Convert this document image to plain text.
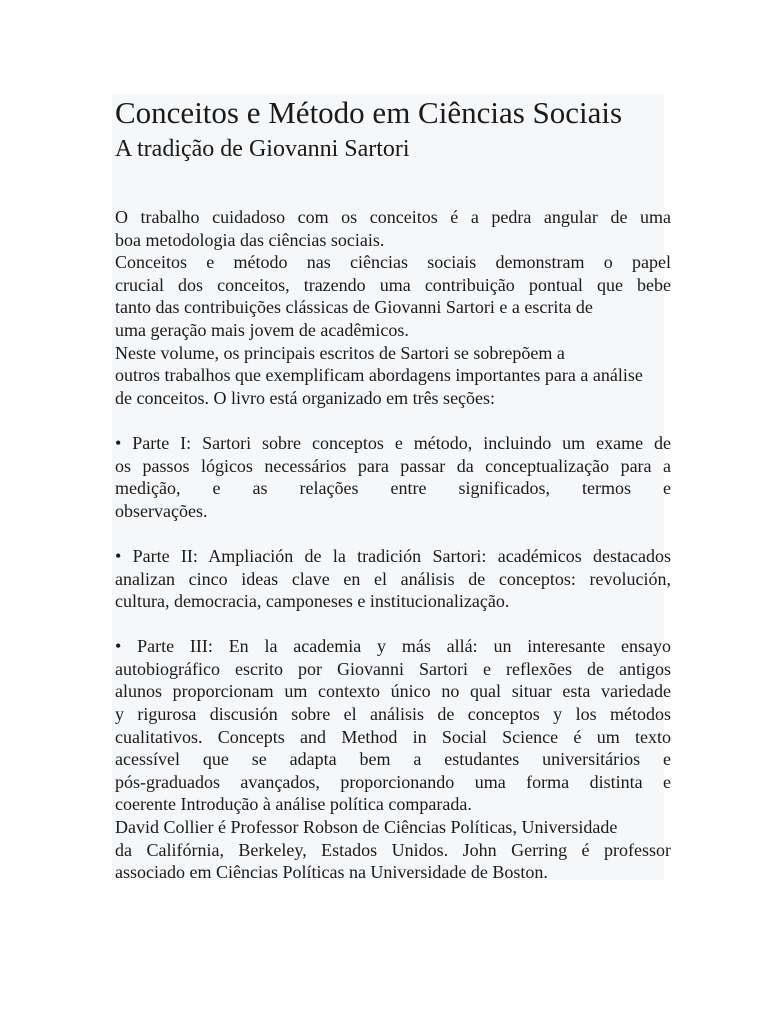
Conceitos e Método em Ciências Sociais
A tradição de Giovanni Sartori
O trabalho cuidadoso com os conceitos é a pedra angular de uma
boa metodologia das ciências sociais.
Conceitos e método nas ciências sociais demonstram o papel
crucial dos conceitos, trazendo uma contribuição pontual que bebe
tanto das contribuições clássicas de Giovanni Sartori e a escrita de
uma geração mais jovem de acadêmicos.
Neste volume, os principais escritos de Sartori se sobrepõem a
outros trabalhos que exemplificam abordagens importantes para a análise
de conceitos. O livro está organizado em três seções:
• Parte I: Sartori sobre conceptos e método, incluindo um exame de
os passos lógicos necessários para passar da conceptualização para a
medição, e as relações entre significados, termos e
observações.
• Parte II: Ampliación de la tradición Sartori: académicos destacados
analizan cinco ideas clave en el análisis de conceptos: revolución,
cultura, democracia, camponeses e institucionalização.
• Parte III: En la academia y más allá: un interesante ensayo
autobiográfico escrito por Giovanni Sartori e reflexões de antigos
alunos proporcionam um contexto único no qual situar esta variedade
y rigurosa discusión sobre el análisis de conceptos y los métodos
cualitativos. Concepts and Method in Social Science é um texto
acessível que se adapta bem a estudantes universitários e
pós-graduados avançados, proporcionando uma forma distinta e
coerente Introdução à análise política comparada.
David Collier é Professor Robson de Ciências Políticas, Universidade
da Califórnia, Berkeley, Estados Unidos. John Gerring é professor
associado em Ciências Políticas na Universidade de Boston.
